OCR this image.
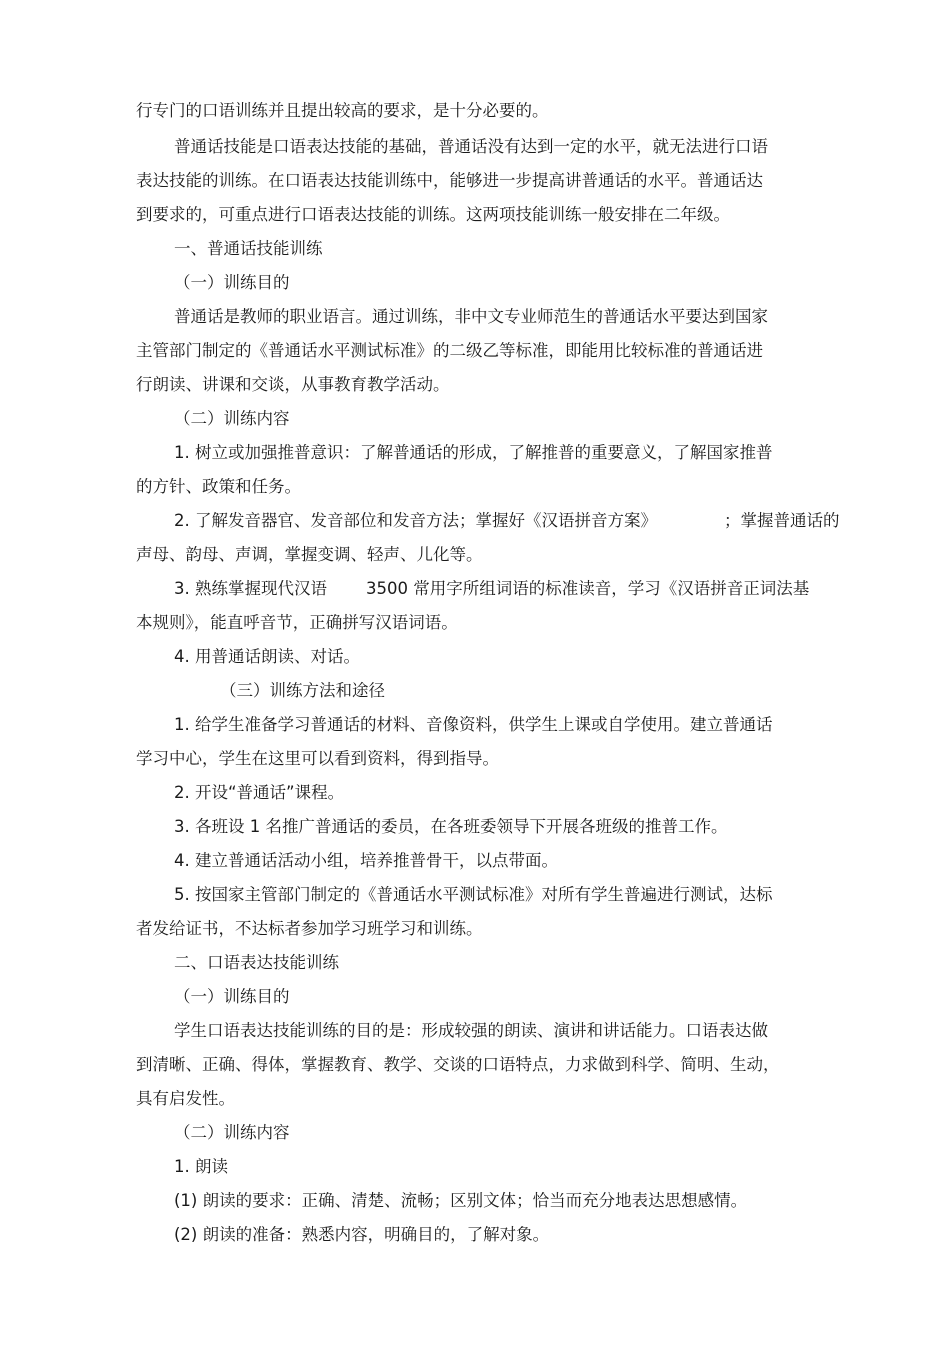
行专门的口语训练并且提出较高的要求，是十分必要的。
普通话技能是口语表达技能的基础，普通话没有达到一定的水平，就无法进行口语
表达技能的训练。在口语表达技能训练中，能够进一步提高讲普通话的水平。普通话达
到要求的，可重点进行口语表达技能的训练。这两项技能训练一般安排在二年级。
一、普通话技能训练
（一）训练目的
普通话是教师的职业语言。通过训练，非中文专业师范生的普通话水平要达到国家
主管部门制定的《普通话水平测试标准》的二级乙等标准，即能用比较标准的普通话进
行朗读、讲课和交谈，从事教育教学活动。
（二）训练内容
1. 树立或加强推普意识：了解普通话的形成，了解推普的重要意义，了解国家推普
的方针、政策和任务。
2. 了解发音器官、发音部位和发音方法；掌握好《汉语拼音方案》	；掌握普通话的
声母、韵母、声调，掌握变调、轻声、儿化等。
3. 熟练掌握现代汉语 3500 常用字所组词语的标准读音，学习《汉语拼音正词法基
本规则》，能直呼音节，正确拼写汉语词语。
4. 用普通话朗读、对话。
（三）训练方法和途径
1. 给学生准备学习普通话的材料、音像资料，供学生上课或自学使用。建立普通话
学习中心，学生在这里可以看到资料，得到指导。
2. 开设“普通话”课程。
3. 各班设 1 名推广普通话的委员，在各班委领导下开展各班级的推普工作。
4. 建立普通话活动小组，培养推普骨干，以点带面。
5. 按国家主管部门制定的《普通话水平测试标准》对所有学生普遍进行测试，达标
者发给证书，不达标者参加学习班学习和训练。
二、口语表达技能训练
（一）训练目的
学生口语表达技能训练的目的是：形成较强的朗读、演讲和讲话能力。口语表达做
到清晰、正确、得体，掌握教育、教学、交谈的口语特点，力求做到科学、简明、生动，
具有启发性。
（二）训练内容
1. 朗读
(1) 朗读的要求：正确、清楚、流畅；区别文体；恰当而充分地表达思想感情。
(2) 朗读的准备：熟悉内容，明确目的，了解对象。
